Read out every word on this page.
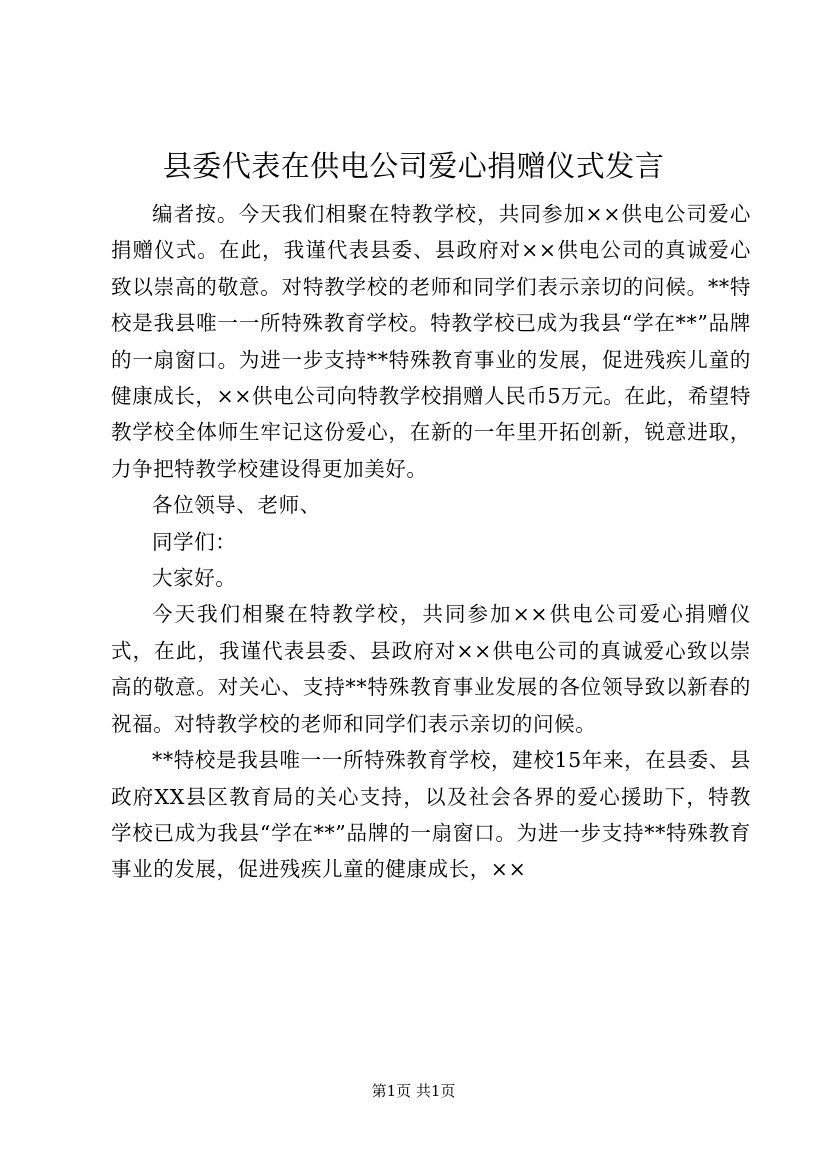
县委代表在供电公司爱心捐赠仪式发言

编者按。今天我们相聚在特教学校，共同参加××供电公司爱心捐赠仪式。在此，我谨代表县委、县政府对××供电公司的真诚爱心致以崇高的敬意。对特教学校的老师和同学们表示亲切的问候。**特校是我县唯一一所特殊教育学校。特教学校已成为我县“学在**”品牌的一扇窗口。为进一步支持**特殊教育事业的发展，促进残疾儿童的健康成长，××供电公司向特教学校捐赠人民币5万元。在此，希望特教学校全体师生牢记这份爱心，在新的一年里开拓创新，锐意进取，力争把特教学校建设得更加美好。

各位领导、老师、

同学们：

大家好。

今天我们相聚在特教学校，共同参加××供电公司爱心捐赠仪式，在此，我谨代表县委、县政府对××供电公司的真诚爱心致以崇高的敬意。对关心、支持**特殊教育事业发展的各位领导致以新春的祝福。对特教学校的老师和同学们表示亲切的问候。

**特校是我县唯一一所特殊教育学校，建校15年来，在县委、县政府XX县区教育局的关心支持，以及社会各界的爱心援助下，特教学校已成为我县“学在**”品牌的一扇窗口。为进一步支持**特殊教育事业的发展，促进残疾儿童的健康成长，××

第1页 共1页
